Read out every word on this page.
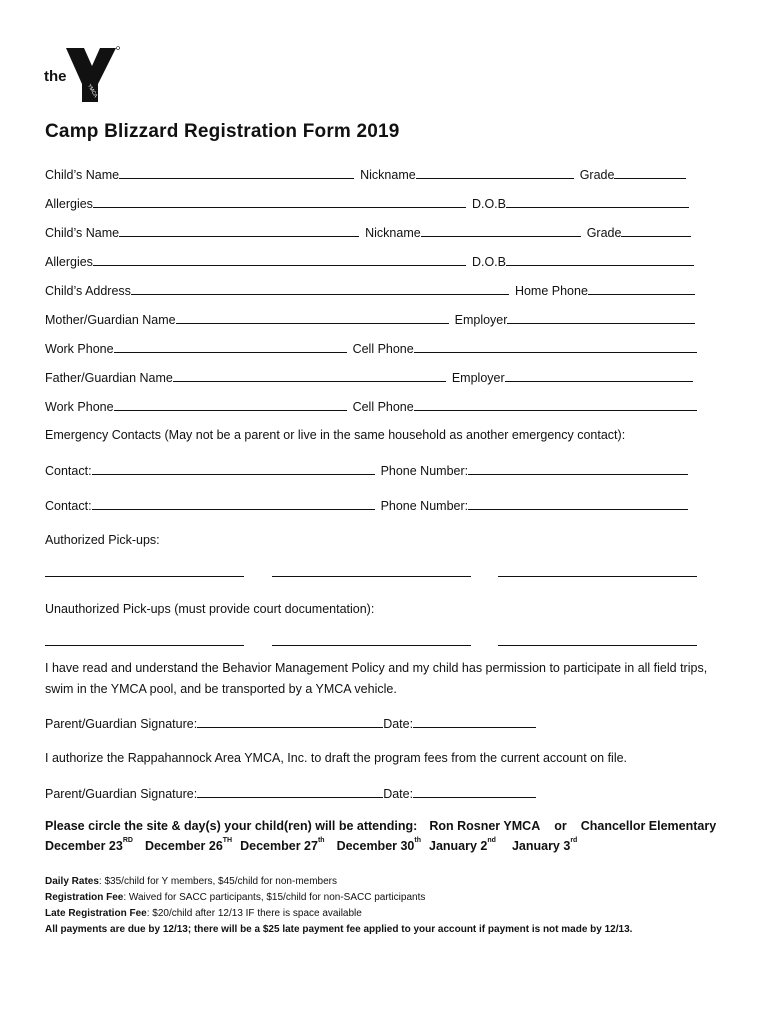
the
YMCA
Camp Blizzard Registration Form 2019
Child’s Name	Nickname	Grade
Allergies	D.O.B
Child’s Name	Nickname	Grade
Allergies	D.O.B
Child’s Address	Home Phone
Mother/Guardian Name	Employer
Work Phone	Cell Phone
Father/Guardian Name	Employer
Work Phone	Cell Phone
Emergency Contacts (May not be a parent or live in the same household as another emergency contact):
Contact:	Phone Number:
Contact:	Phone Number:
Authorized Pick-ups:
Unauthorized Pick-ups (must provide court documentation):
I have read and understand the Behavior Management Policy and my child has permission to participate in all field trips, swim in the YMCA pool, and be transported by a YMCA vehicle.
Parent/Guardian Signature:	Date:
I authorize the Rappahannock Area YMCA, Inc. to draft the program fees from the current account on file.
Parent/Guardian Signature:	Date:
Please circle the site & day(s) your child(ren) will be attending: Ron Rosner YMCA or Chancellor Elementary
December 23RD December 26TH December 27th December 30th January 2nd January 3rd
Daily Rates : $35/child for Y members, $45/child for non-members
Registration Fee : Waived for SACC participants, $15/child for non-SACC participants
Late Registration Fee : $20/child after 12/13 IF there is space available
All payments are due by 12/13; there will be a $25 late payment fee applied to your account if payment is not made by 12/13.
